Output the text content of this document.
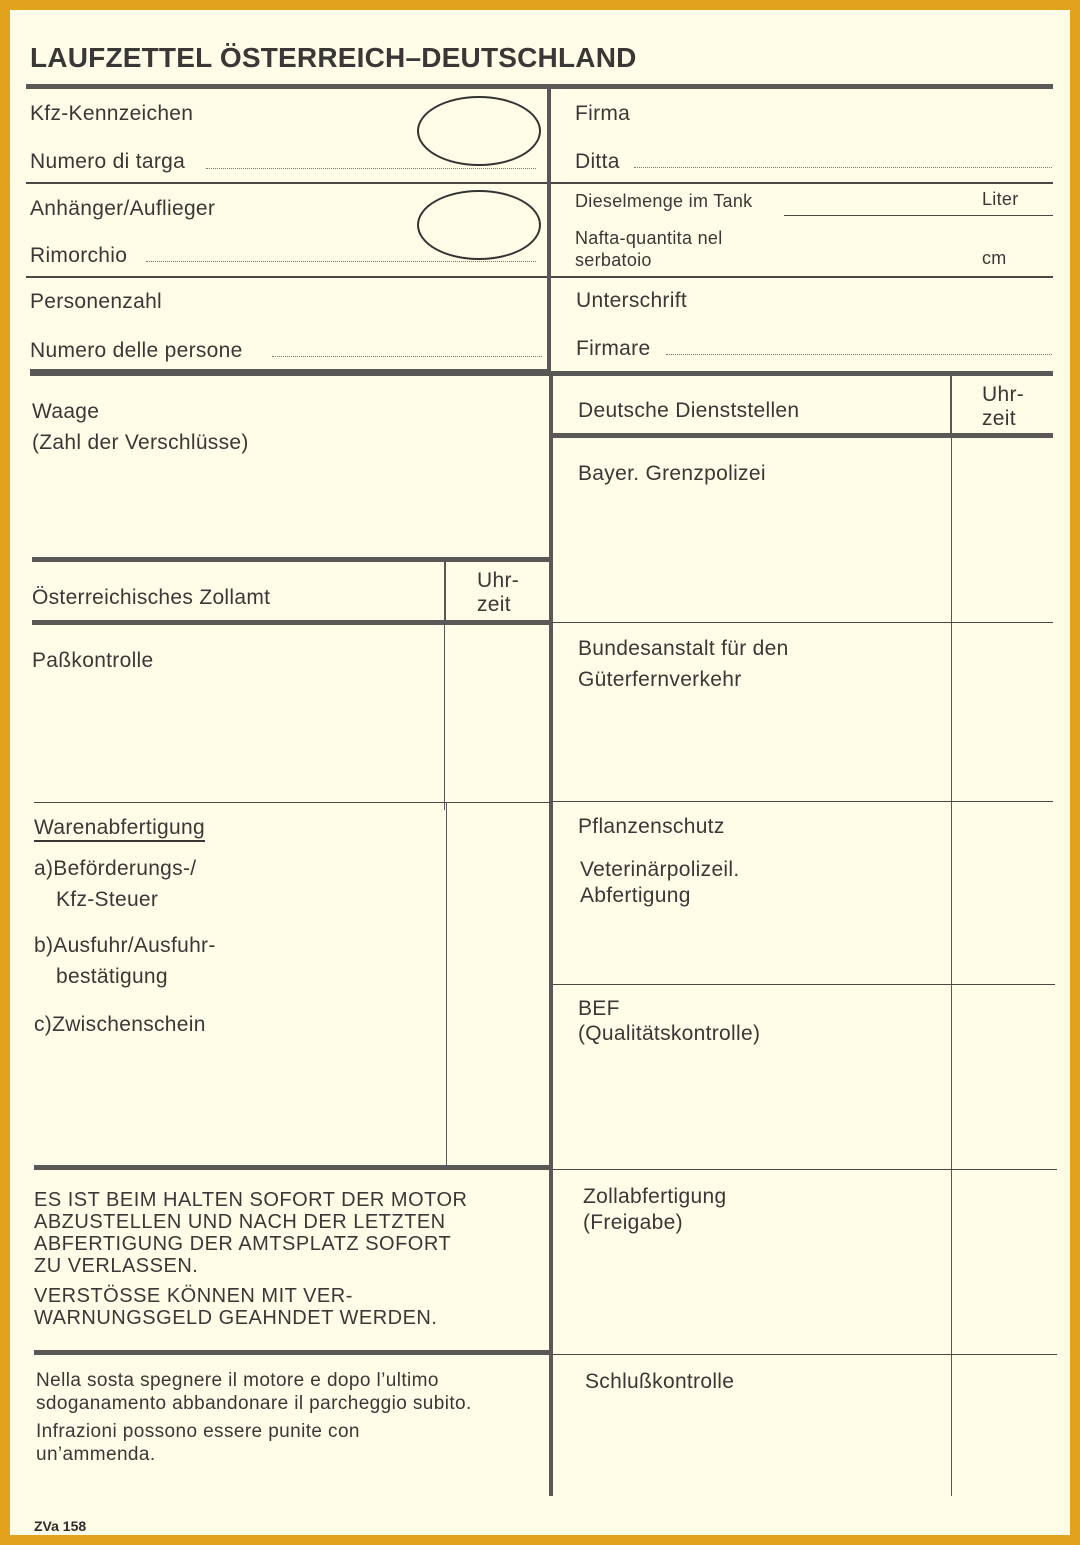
LAUFZETTEL ÖSTERREICH–DEUTSCHLAND
Kfz-Kennzeichen
Numero di targa
Anhänger/Auflieger
Rimorchio
Personenzahl
Numero delle persone
Firma
Ditta
Dieselmenge im Tank	Liter
Nafta-quantita nel
serbatoio	cm
Unterschrift
Firmare
Waage
(Zahl der Verschlüsse)
Österreichisches Zollamt
Uhr-
zeit
Paßkontrolle
Warenabfertigung
a)Beförderungs-/
Kfz-Steuer
b)Ausfuhr/Ausfuhr-
bestätigung
c)Zwischenschein
ES IST BEIM HALTEN SOFORT DER MOTOR
ABZUSTELLEN UND NACH DER LETZTEN
ABFERTIGUNG DER AMTSPLATZ SOFORT
ZU VERLASSEN.
VERSTÖSSE KÖNNEN MIT VER-
WARNUNGSGELD GEAHNDET WERDEN.
Nella sosta spegnere il motore e dopo l’ultimo
sdoganamento abbandonare il parcheggio subito.
Infrazioni possono essere punite con
un’ammenda.
Deutsche Dienststellen
Uhr-
zeit
Bayer. Grenzpolizei
Bundesanstalt für den
Güterfernverkehr
Pflanzenschutz
Veterinärpolizeil.
Abfertigung
BEF
(Qualitätskontrolle)
Zollabfertigung
(Freigabe)
Schlußkontrolle
ZVa 158
